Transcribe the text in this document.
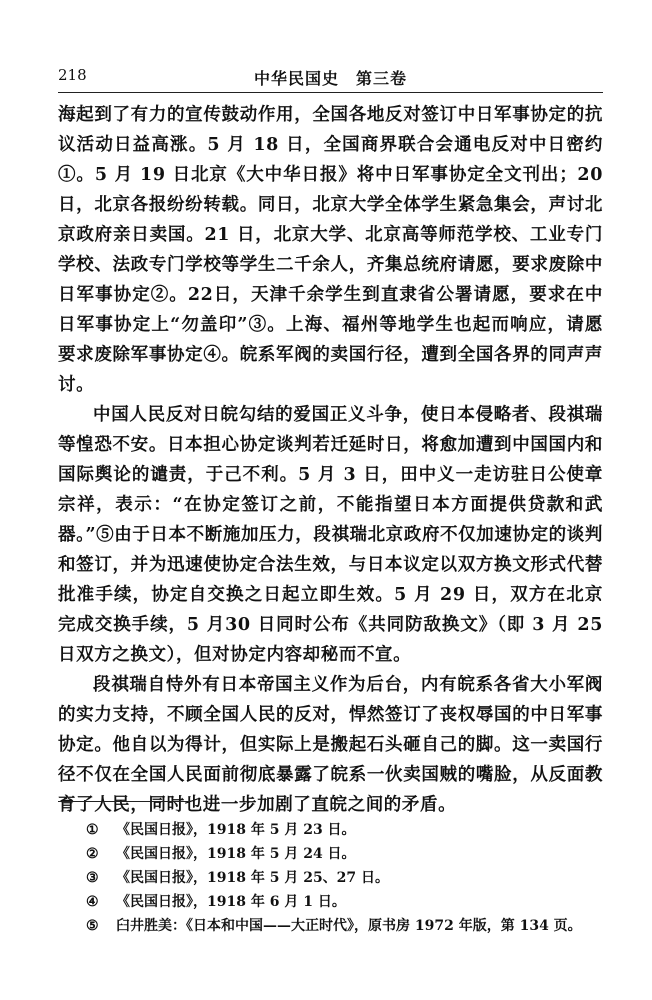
218	中华民国史　第三卷
海起到了有力的宣传鼓动作用，全国各地反对签订中日军事协定的抗议活动日益高涨。5 月 18 日，全国商界联合会通电反对中日密约①。5 月 19 日北京《大中华日报》将中日军事协定全文刊出；20 日，北京各报纷纷转载。同日，北京大学全体学生紧急集会，声讨北京政府亲日卖国。21 日，北京大学、北京高等师范学校、工业专门学校、法政专门学校等学生二千余人，齐集总统府请愿，要求废除中日军事协定②。22日，天津千余学生到直隶省公署请愿，要求在中日军事协定上“勿盖印”③。上海、福州等地学生也起而响应，请愿要求废除军事协定④。皖系军阀的卖国行径，遭到全国各界的同声声讨。
中国人民反对日皖勾结的爱国正义斗争，使日本侵略者、段祺瑞等惶恐不安。日本担心协定谈判若迁延时日，将愈加遭到中国国内和国际舆论的谴责，于己不利。5 月 3 日，田中义一走访驻日公使章宗祥，表示：“在协定签订之前，不能指望日本方面提供贷款和武器。”⑤由于日本不断施加压力，段祺瑞北京政府不仅加速协定的谈判和签订，并为迅速使协定合法生效，与日本议定以双方换文形式代替批准手续，协定自交换之日起立即生效。5 月 29 日，双方在北京完成交换手续，5 月30 日同时公布《共同防敌换文》（即 3 月 25 日双方之换文），但对协定内容却秘而不宣。
段祺瑞自恃外有日本帝国主义作为后台，内有皖系各省大小军阀的实力支持，不顾全国人民的反对，悍然签订了丧权辱国的中日军事协定。他自以为得计，但实际上是搬起石头砸自己的脚。这一卖国行径不仅在全国人民面前彻底暴露了皖系一伙卖国贼的嘴脸，从反面教育了人民，同时也进一步加剧了直皖之间的矛盾。
①	《民国日报》，1918 年 5 月 23 日。
②	《民国日报》，1918 年 5 月 24 日。
③	《民国日报》，1918 年 5 月 25、27 日。
④	《民国日报》，1918 年 6 月 1 日。
⑤	臼井胜美：《日本和中国——大正时代》，原书房 1972 年版，第 134 页。
